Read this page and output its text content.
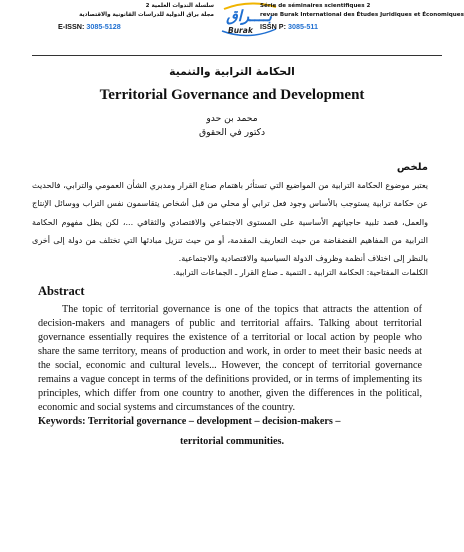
سلسلة الندوات العلمية 2
مجلة براق الدولية للدراسات القانونية والاقتصادية
E-ISSN: 3085-5128
بــــراق
Burak
Série de séminaires scientifiques 2
revue Burak International des Études Juridiques et Économiques
ISSN P: 3085-511
الحكامة الترابية والتنمية
Territorial Governance and Development
محمد بن حدو
دكتور في الحقوق
ملخص
يعتبر موضوع الحكامة الترابية من المواضيع التي تستأثر باهتمام صناع القرار ومدبري الشأن العمومي والترابي، فالحديث عن حكامة ترابية يستوجب بالأساس وجود فعل ترابي أو محلي من قبل أشخاص يتقاسمون نفس التراب ووسائل الإنتاج والعمل، قصد تلبية حاجياتهم الأساسية على المستوى الاجتماعي والاقتصادي والثقافي ...، لكن يظل مفهوم الحكامة الترابية من المفاهيم الفضفاضة من حيث التعاريف المقدمة، أو من حيث تنزيل مبادئها التي تختلف من دولة إلى أخرى بالنظر إلى اختلاف أنظمة وظروف الدولة السياسية والاقتصادية والاجتماعية.
الكلمات المفتاحية: الحكامة الترابية ـ التنمية ـ صناع القرار ـ الجماعات الترابية.
Abstract
The topic of territorial governance is one of the topics that attracts the attention of decision-makers and managers of public and territorial affairs. Talking about territorial governance essentially requires the existence of a territorial or local action by people who share the same territory, means of production and work, in order to meet their basic needs at the social, economic and cultural levels... However, the concept of territorial governance remains a vague concept in terms of the definitions provided, or in terms of implementing its principles, which differ from one country to another, given the differences in the political, economic and social systems and circumstances of the country.
Keywords: Territorial governance – development – decision-makers –
territorial communities.
